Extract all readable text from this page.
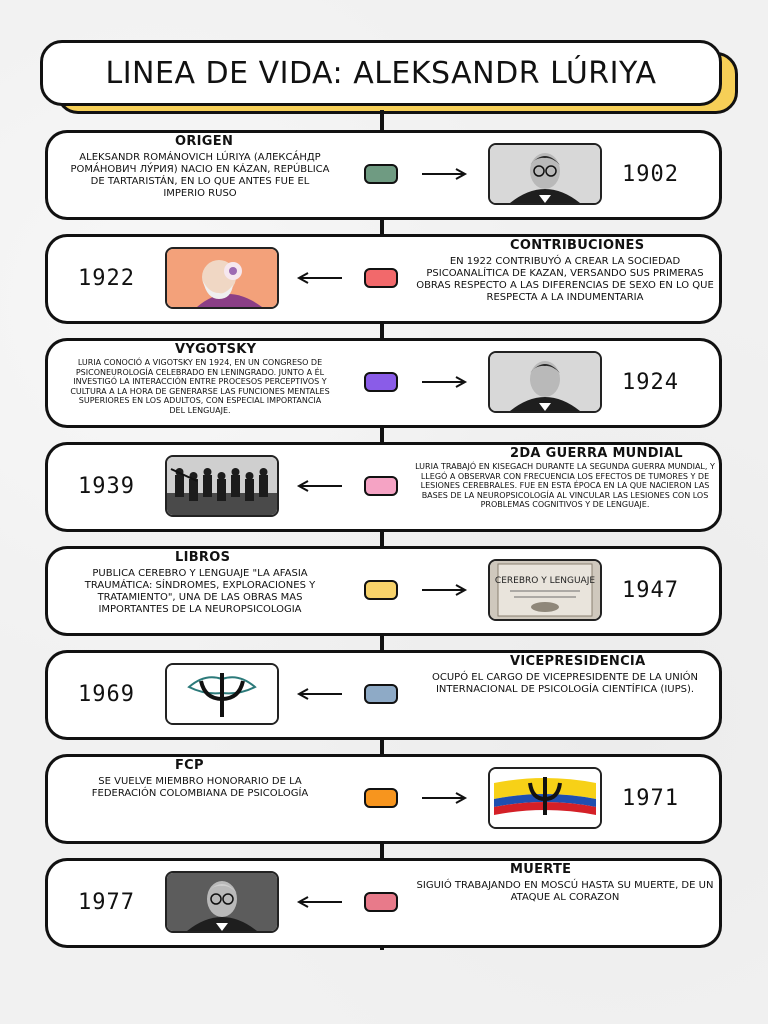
LINEA DE VIDA: ALEKSANDR LÚRIYA
ORIGEN
ALEKSANDR ROMÁNOVICH LÚRIYA (АЛЕКСА́НДР РОМА́НОВИЧ ЛУ́РИЯ) NACIO EN KÁZAN, REPÚBLICA DE TARTARISTÁN, EN LO QUE ANTES FUE EL IMPERIO RUSO
1902
CONTRIBUCIONES
EN 1922 CONTRIBUYÓ A CREAR LA SOCIEDAD PSICOANALÍTICA DE KAZAN, VERSANDO SUS PRIMERAS OBRAS RESPECTO A LAS DIFERENCIAS DE SEXO EN LO QUE RESPECTA A LA INDUMENTARIA
1922
VYGOTSKY
LURIA CONOCIÓ A VIGOTSKY EN 1924, EN UN CONGRESO DE PSICONEUROLOGÍA CELEBRADO EN LENINGRADO. JUNTO A ÉL INVESTIGÓ LA INTERACCIÓN ENTRE PROCESOS PERCEPTIVOS Y CULTURA A LA HORA DE GENERARSE LAS FUNCIONES MENTALES SUPERIORES EN LOS ADULTOS, CON ESPECIAL IMPORTANCIA DEL LENGUAJE.
1924
2DA GUERRA MUNDIAL
LURIA TRABAJÓ EN KISEGACH DURANTE LA SEGUNDA GUERRA MUNDIAL, Y LLEGÓ A OBSERVAR CON FRECUENCIA LOS EFECTOS DE TUMORES Y DE LESIONES CEREBRALES. FUE EN ESTA ÉPOCA EN LA QUE NACIERON LAS BASES DE LA NEUROPSICOLOGÍA AL VINCULAR LAS LESIONES CON LOS PROBLEMAS COGNITIVOS Y DE LENGUAJE.
1939
LIBROS
PUBLICA CEREBRO Y LENGUAJE "LA AFASIA TRAUMÁTICA: SÍNDROMES, EXPLORACIONES Y TRATAMIENTO", UNA DE LAS OBRAS MAS IMPORTANTES DE LA NEUROPSICOLOGIA
CEREBRO Y LENGUAJE 1947
VICEPRESIDENCIA
OCUPÓ EL CARGO DE VICEPRESIDENTE DE LA UNIÓN INTERNACIONAL DE PSICOLOGÍA CIENTÍFICA (IUPS).
1969
FCP
SE VUELVE MIEMBRO HONORARIO DE LA FEDERACIÓN COLOMBIANA DE PSICOLOGÍA	1971
MUERTE
SIGUIÓ TRABAJANDO EN MOSCÚ HASTA SU MUERTE, DE UN ATAQUE AL CORAZON
1977
